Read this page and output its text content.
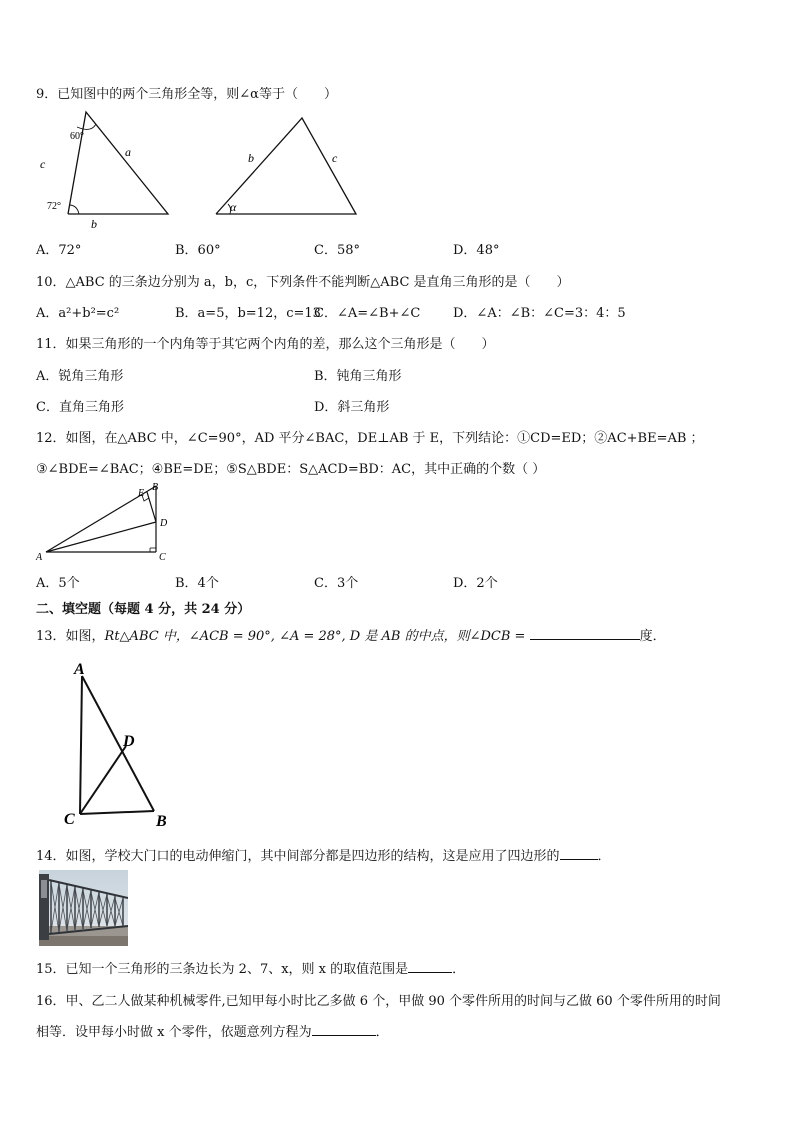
9．已知图中的两个三角形全等，则∠α等于（　　）
60°
72°
c
a
b
α
b	c
A．72°	B．60°	C．58°	D．48°
10．△ABC 的三条边分别为 a，b，c，下列条件不能判断△ABC 是直角三角形的是（　　）
A．a²+b²=c²	B．a=5，b=12，c=13
C．∠A=∠B+∠C	D．∠A：∠B：∠C=3：4：5
11．如果三角形的一个内角等于其它两个内角的差，那么这个三角形是（　　）
A．锐角三角形	B．钝角三角形
C．直角三角形	D．斜三角形
12．如图，在△ABC 中，∠C=90°，AD 平分∠BAC，DE⊥AB 于 E，下列结论：①CD=ED；②AC+BE=AB ；
③∠BDE=∠BAC；④BE=DE；⑤S△BDE：S△ACD=BD：AC，其中正确的个数（ ）
A
B
C
D
E
A．5个	B．4个	C．3个	D．2个
二、填空题（每题 4 分，共 24 分）
13．如图，Rt△ABC 中，∠ACB = 90°, ∠A = 28°, D 是 AB 的中点，则∠DCB =	度．
A
D
C	B
14．如图，学校大门口的电动伸缩门，其中间部分都是四边形的结构，这是应用了四边形的	．
15．已知一个三角形的三条边长为 2、7、x，则 x 的取值范围是	．
16．甲、乙二人做某种机械零件,已知甲每小时比乙多做 6 个，甲做 90 个零件所用的时间与乙做 60 个零件所用的时间
相等．设甲每小时做 x 个零件，依题意列方程为	．
